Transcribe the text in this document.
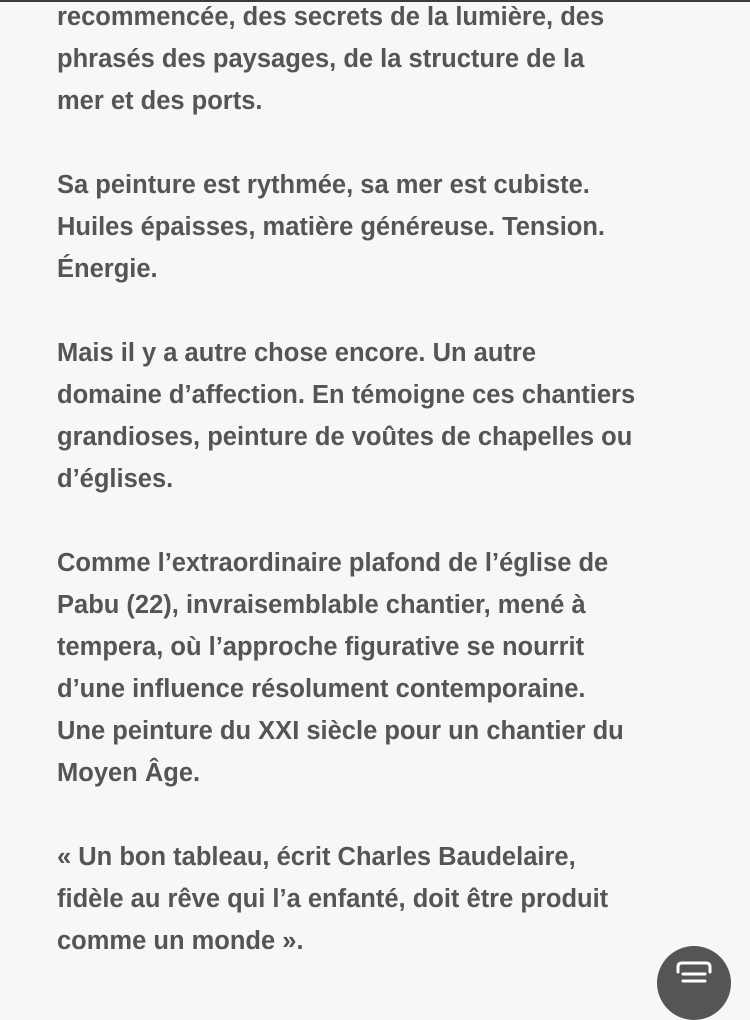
recommencée, des secrets de la lumière, des
phrasés des paysages, de la structure de la
mer et des ports.

Sa peinture est rythmée, sa mer est cubiste.
Huiles épaisses, matière généreuse. Tension.
Énergie.

Mais il y a autre chose encore. Un autre
domaine d’affection. En témoigne ces chantiers
grandioses, peinture de voûtes de chapelles ou
d’églises.

Comme l’extraordinaire plafond de l’église de
Pabu (22), invraisemblable chantier, mené à
tempera, où l’approche figurative se nourrit
d’une influence résolument contemporaine.
Une peinture du XXI siècle pour un chantier du
Moyen Âge.

« Un bon tableau, écrit Charles Baudelaire,
fidèle au rêve qui l’a enfanté, doit être produit
comme un monde ».
